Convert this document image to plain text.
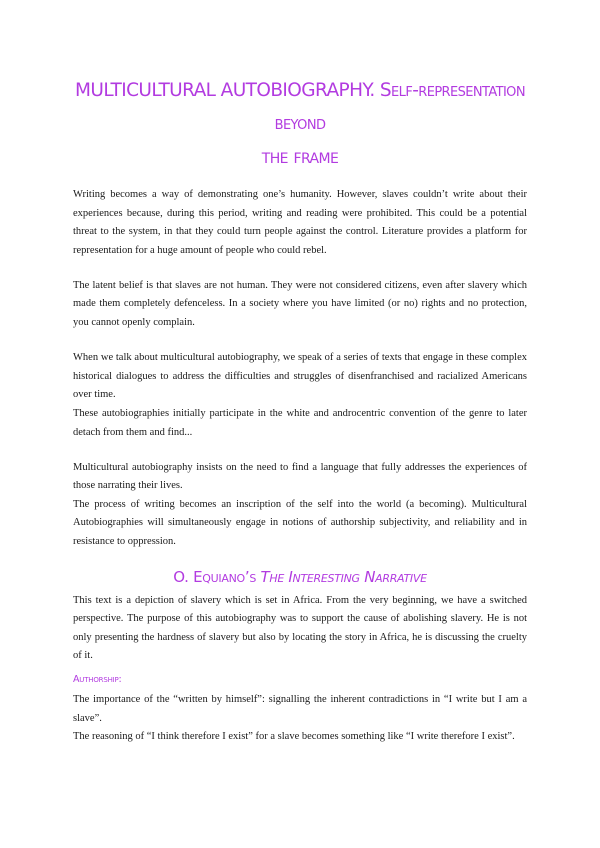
MULTICULTURAL AUTOBIOGRAPHY. Self-representation beyond
the frame

Writing becomes a way of demonstrating one’s humanity. However, slaves couldn’t write about their experiences because, during this period, writing and reading were prohibited. This could be a potential threat to the system, in that they could turn people against the control. Literature provides a platform for representation for a huge amount of people who could rebel.

The latent belief is that slaves are not human. They were not considered citizens, even after slavery which made them completely defenceless. In a society where you have limited (or no) rights and no protection, you cannot openly complain.

When we talk about multicultural autobiography, we speak of a series of texts that engage in these complex historical dialogues to address the difficulties and struggles of disenfranchised and racialized Americans over time.

These autobiographies initially participate in the white and androcentric convention of the genre to later detach from them and find...

Multicultural autobiography insists on the need to find a language that fully addresses the experiences of those narrating their lives.

The process of writing becomes an inscription of the self into the world (a becoming). Multicultural Autobiographies will simultaneously engage in notions of authorship subjectivity, and reliability and in resistance to oppression.

O. Equiano’s The Interesting Narrative

This text is a depiction of slavery which is set in Africa. From the very beginning, we have a switched perspective. The purpose of this autobiography was to support the cause of abolishing slavery. He is not only presenting the hardness of slavery but also by locating the story in Africa, he is discussing the cruelty of it.

Authorship:

The importance of the “written by himself”: signalling the inherent contradictions in “I write but I am a slave”.

The reasoning of “I think therefore I exist” for a slave becomes something like “I write therefore I exist”.
